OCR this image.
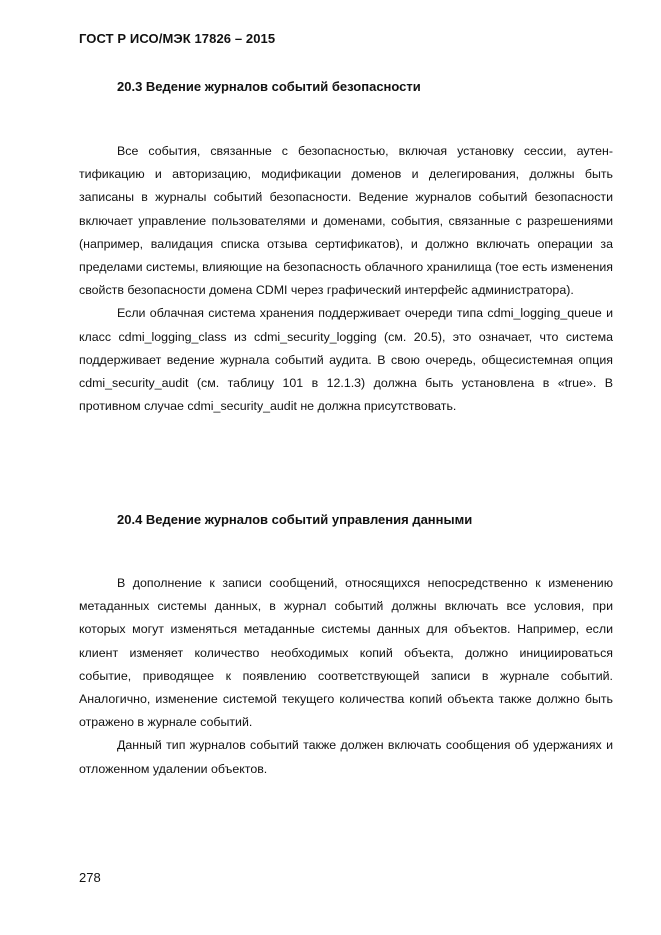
ГОСТ Р ИСО/МЭК 17826 – 2015
20.3 Ведение журналов событий безопасности

Все события, связанные с безопасностью, включая установку сессии, аутентификацию и авторизацию, модификации доменов и делегирования, должны быть записаны в журналы событий безопасности. Ведение журналов событий безопасности включает управление пользователями и доменами, события, связанные с разрешениями (например, валидация списка отзыва сертификатов), и должно включать операции за пределами системы, влияющие на безопасность облачного хранилища (тое есть изменения свойств безопасности домена CDMI через графический интерфейс администратора).

Если облачная система хранения поддерживает очереди типа cdmi_logging_queue и класс cdmi_logging_class из cdmi_security_logging (см. 20.5), это означает, что система поддерживает ведение журнала событий аудита. В свою очередь, общесистемная опция cdmi_security_audit (см. таблицу 101 в 12.1.3) должна быть установлена в «true». В противном случае cdmi_security_audit не должна присутствовать.

20.4 Ведение журналов событий управления данными

В дополнение к записи сообщений, относящихся непосредственно к изменению метаданных системы данных, в журнал событий должны включать все условия, при которых могут изменяться метаданные системы данных для объектов. Например, если клиент изменяет количество необходимых копий объекта, должно инициироваться событие, приводящее к появлению соответствующей записи в журнале событий. Аналогично, изменение системой текущего количества копий объекта также должно быть отражено в журнале событий.

Данный тип журналов событий также должен включать сообщения об удержаниях и отложенном удалении объектов.

278
